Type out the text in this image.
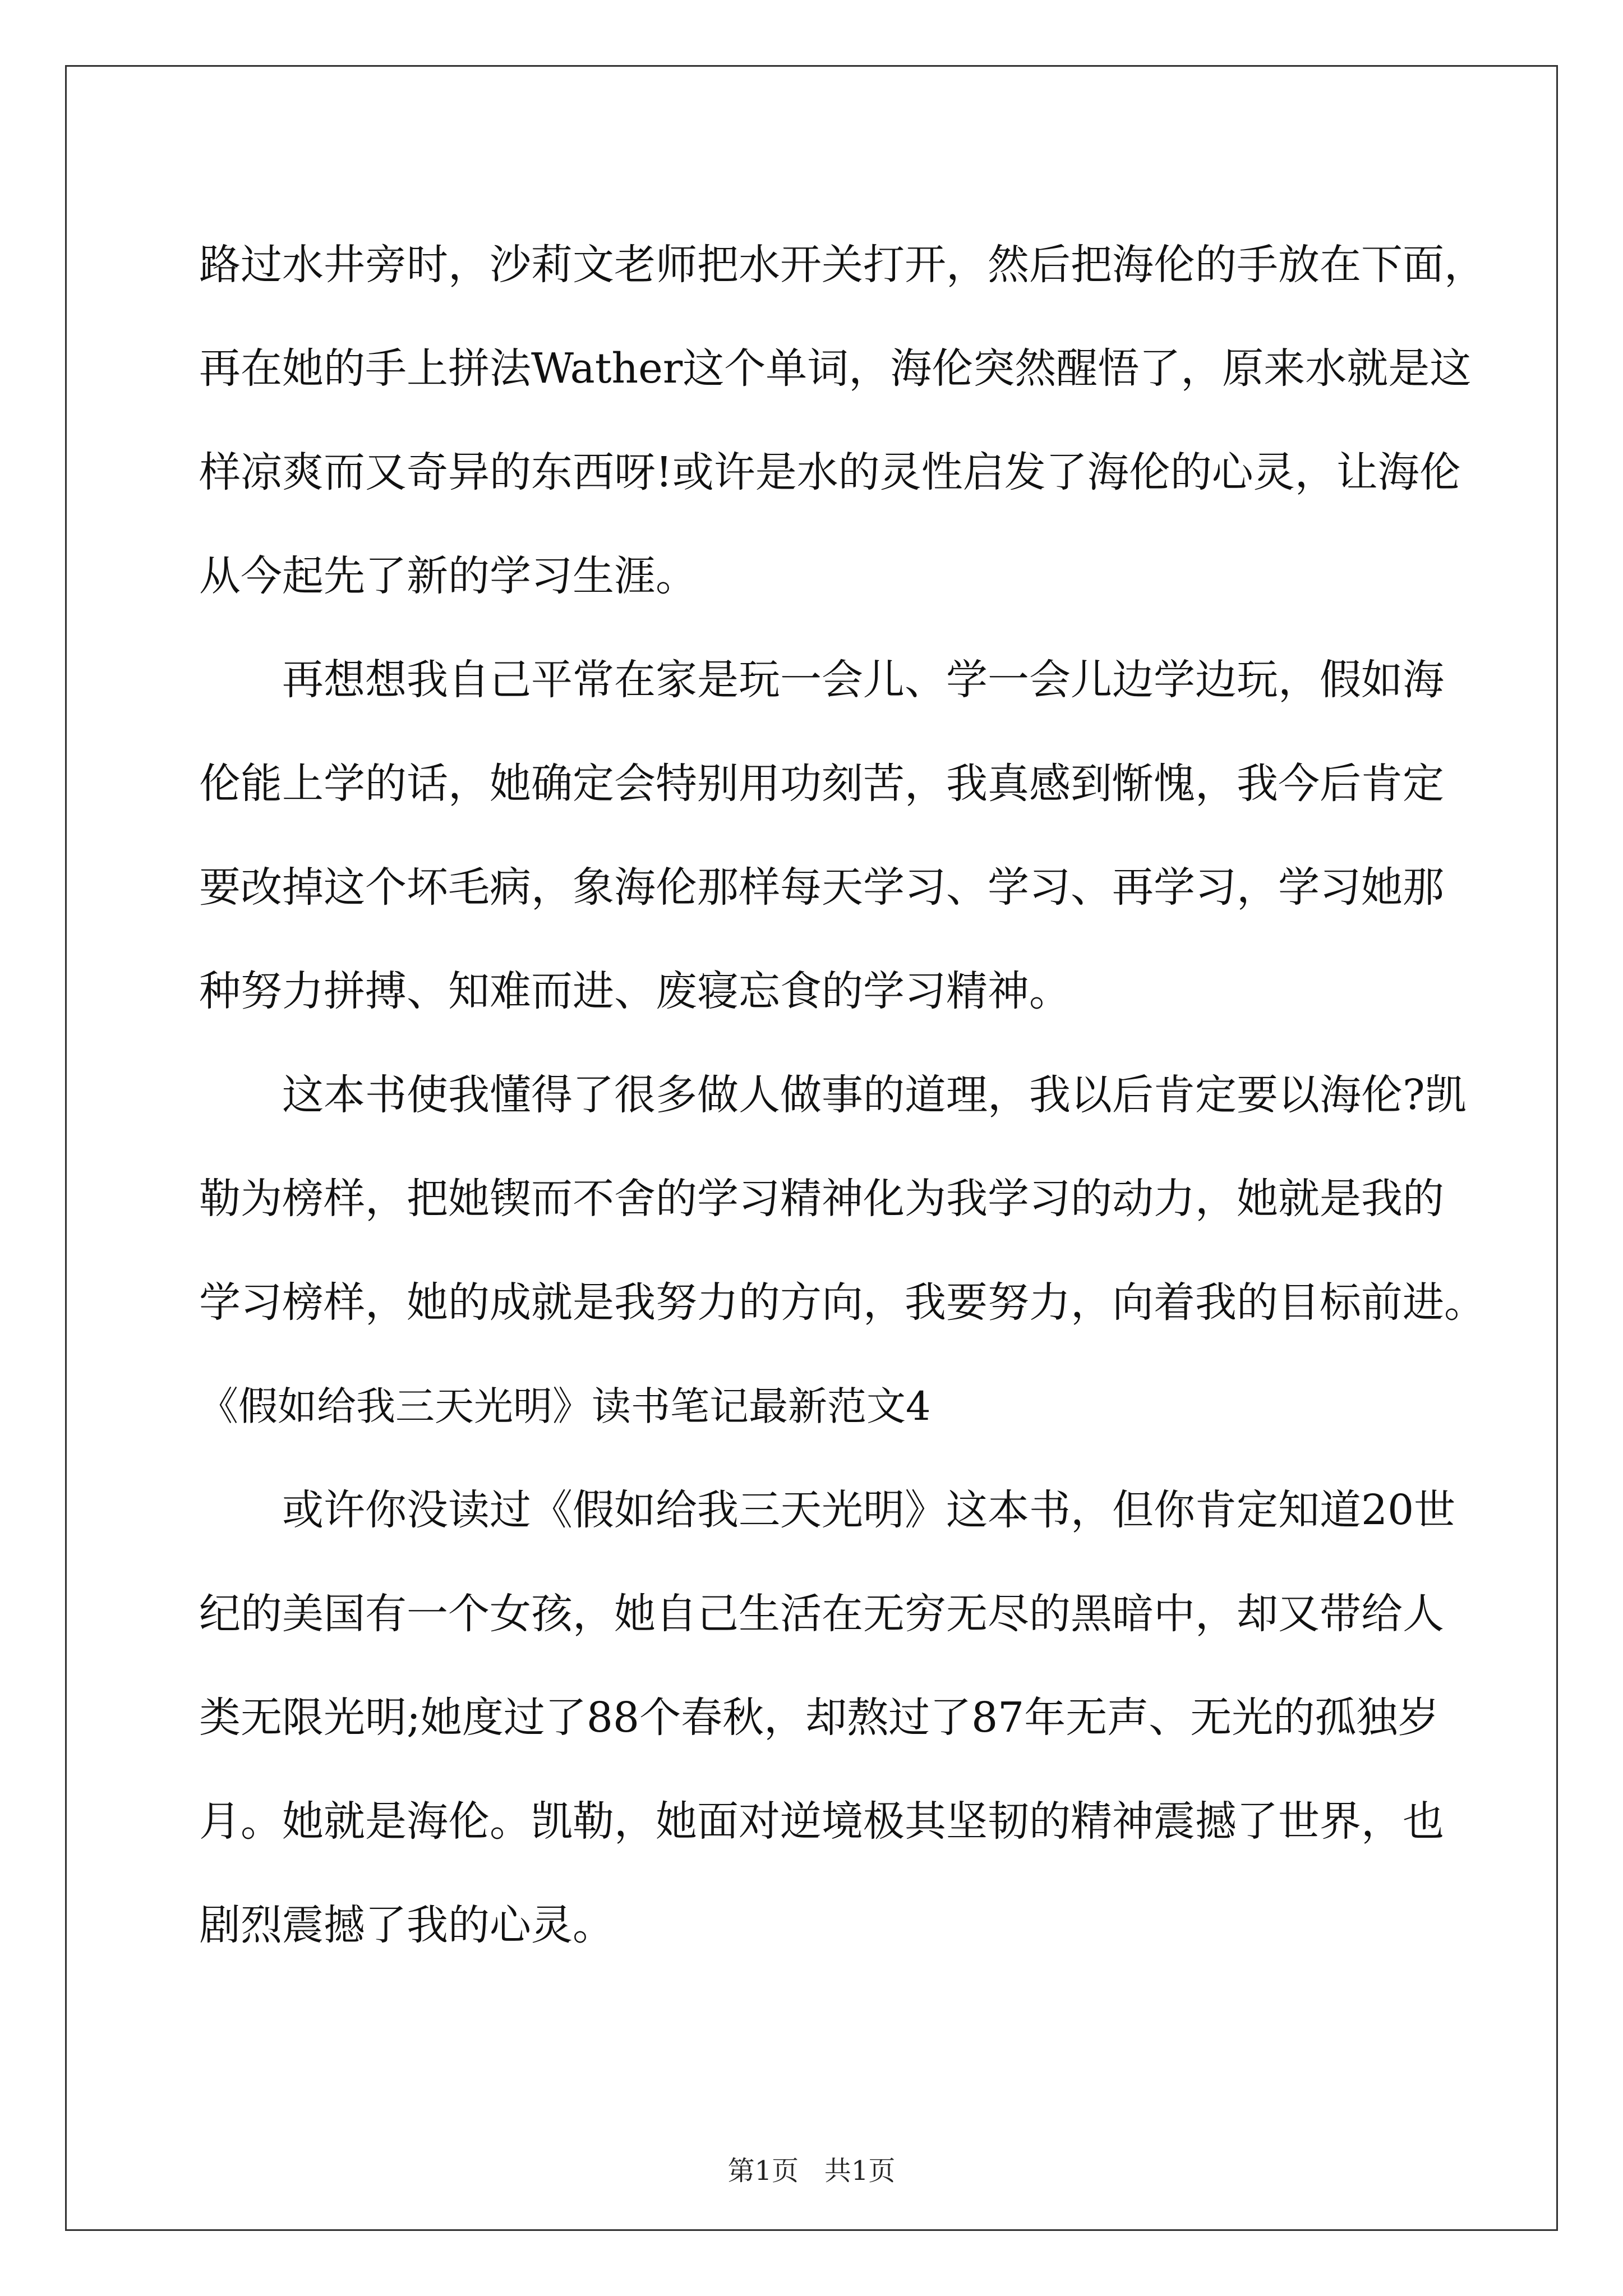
路过水井旁时，沙莉文老师把水开关打开，然后把海伦的手放在下面，
再在她的手上拼法Wather这个单词，海伦突然醒悟了，原来水就是这
样凉爽而又奇异的东西呀!或许是水的灵性启发了海伦的心灵，让海伦
从今起先了新的学习生涯。
再想想我自己平常在家是玩一会儿、学一会儿边学边玩，假如海
伦能上学的话，她确定会特别用功刻苦，我真感到惭愧，我今后肯定
要改掉这个坏毛病，象海伦那样每天学习、学习、再学习，学习她那
种努力拼搏、知难而进、废寝忘食的学习精神。
这本书使我懂得了很多做人做事的道理，我以后肯定要以海伦?凯
勒为榜样，把她锲而不舍的学习精神化为我学习的动力，她就是我的
学习榜样，她的成就是我努力的方向，我要努力，向着我的目标前进。
《假如给我三天光明》读书笔记最新范文4
或许你没读过《假如给我三天光明》这本书，但你肯定知道20世
纪的美国有一个女孩，她自己生活在无穷无尽的黑暗中，却又带给人
类无限光明;她度过了88个春秋，却熬过了87年无声、无光的孤独岁
月。她就是海伦。凯勒，她面对逆境极其坚韧的精神震撼了世界，也
剧烈震撼了我的心灵。
第1页   共1页
